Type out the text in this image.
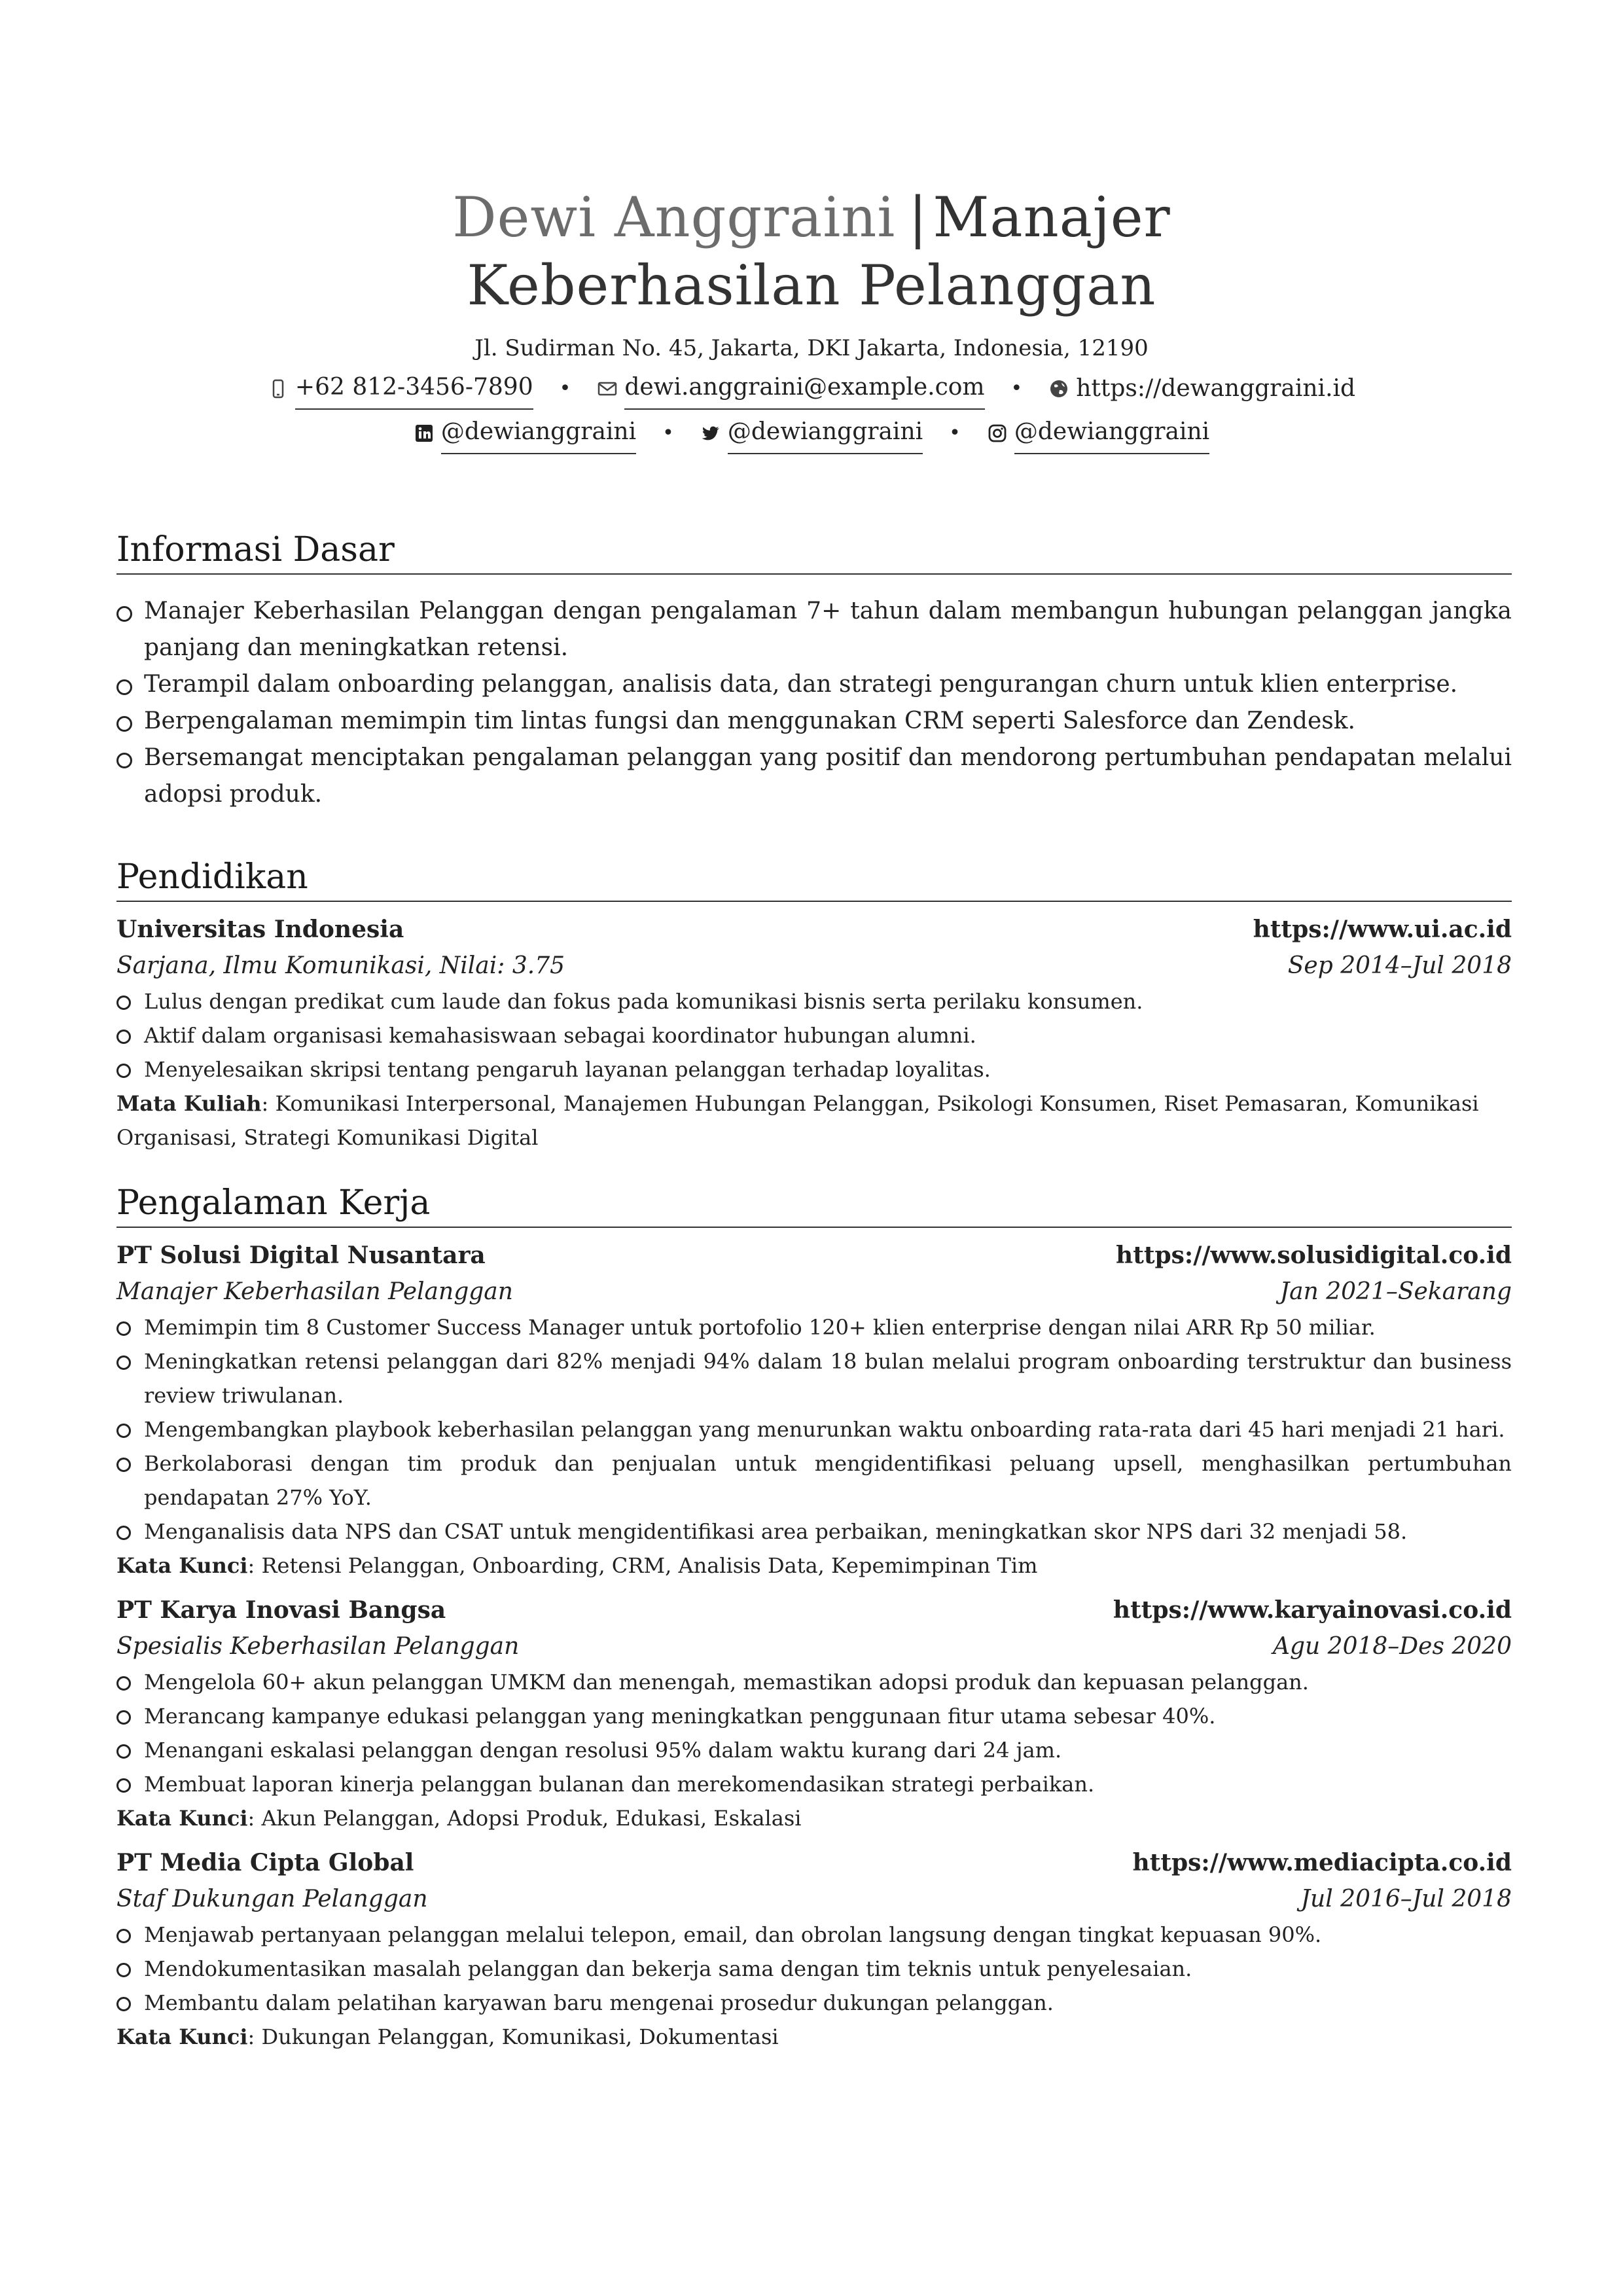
Dewi Anggraini |Manajer
Keberhasilan Pelanggan
Jl. Sudirman No. 45, Jakarta, DKI Jakarta, Indonesia, 12190
+62 812-3456-7890 • dewi.anggraini@example.com • https://dewanggraini.id
@dewianggraini • @dewianggraini • @dewianggraini
Informasi Dasar
Manajer Keberhasilan Pelanggan dengan pengalaman 7+ tahun dalam membangun hubungan pelanggan jangka panjang dan meningkatkan retensi.
Terampil dalam onboarding pelanggan, analisis data, dan strategi pengurangan churn untuk klien enterprise.
Berpengalaman memimpin tim lintas fungsi dan menggunakan CRM seperti Salesforce dan Zendesk.
Bersemangat menciptakan pengalaman pelanggan yang positif dan mendorong pertumbuhan pendapatan melalui adopsi produk.
Pendidikan
Universitas Indonesia	https://www.ui.ac.id
Sarjana, Ilmu Komunikasi, Nilai: 3.75	Sep 2014–Jul 2018
Lulus dengan predikat cum laude dan fokus pada komunikasi bisnis serta perilaku konsumen.
Aktif dalam organisasi kemahasiswaan sebagai koordinator hubungan alumni.
Menyelesaikan skripsi tentang pengaruh layanan pelanggan terhadap loyalitas.
Mata Kuliah: Komunikasi Interpersonal, Manajemen Hubungan Pelanggan, Psikologi Konsumen, Riset Pemasaran, Komunikasi Organisasi, Strategi Komunikasi Digital
Pengalaman Kerja
PT Solusi Digital Nusantara	https://www.solusidigital.co.id
Manajer Keberhasilan Pelanggan	Jan 2021–Sekarang
Memimpin tim 8 Customer Success Manager untuk portofolio 120+ klien enterprise dengan nilai ARR Rp 50 miliar.
Meningkatkan retensi pelanggan dari 82% menjadi 94% dalam 18 bulan melalui program onboarding terstruktur dan business review triwulanan.
Mengembangkan playbook keberhasilan pelanggan yang menurunkan waktu onboarding rata-rata dari 45 hari menjadi 21 hari.
Berkolaborasi dengan tim produk dan penjualan untuk mengidentifikasi peluang upsell, menghasilkan pertumbuhan pendapatan 27% YoY.
Menganalisis data NPS dan CSAT untuk mengidentifikasi area perbaikan, meningkatkan skor NPS dari 32 menjadi 58.
Kata Kunci: Retensi Pelanggan, Onboarding, CRM, Analisis Data, Kepemimpinan Tim
PT Karya Inovasi Bangsa	https://www.karyainovasi.co.id
Spesialis Keberhasilan Pelanggan	Agu 2018–Des 2020
Mengelola 60+ akun pelanggan UMKM dan menengah, memastikan adopsi produk dan kepuasan pelanggan.
Merancang kampanye edukasi pelanggan yang meningkatkan penggunaan fitur utama sebesar 40%.
Menangani eskalasi pelanggan dengan resolusi 95% dalam waktu kurang dari 24 jam.
Membuat laporan kinerja pelanggan bulanan dan merekomendasikan strategi perbaikan.
Kata Kunci: Akun Pelanggan, Adopsi Produk, Edukasi, Eskalasi
PT Media Cipta Global	https://www.mediacipta.co.id
Staf Dukungan Pelanggan	Jul 2016–Jul 2018
Menjawab pertanyaan pelanggan melalui telepon, email, dan obrolan langsung dengan tingkat kepuasan 90%.
Mendokumentasikan masalah pelanggan dan bekerja sama dengan tim teknis untuk penyelesaian.
Membantu dalam pelatihan karyawan baru mengenai prosedur dukungan pelanggan.
Kata Kunci: Dukungan Pelanggan, Komunikasi, Dokumentasi
